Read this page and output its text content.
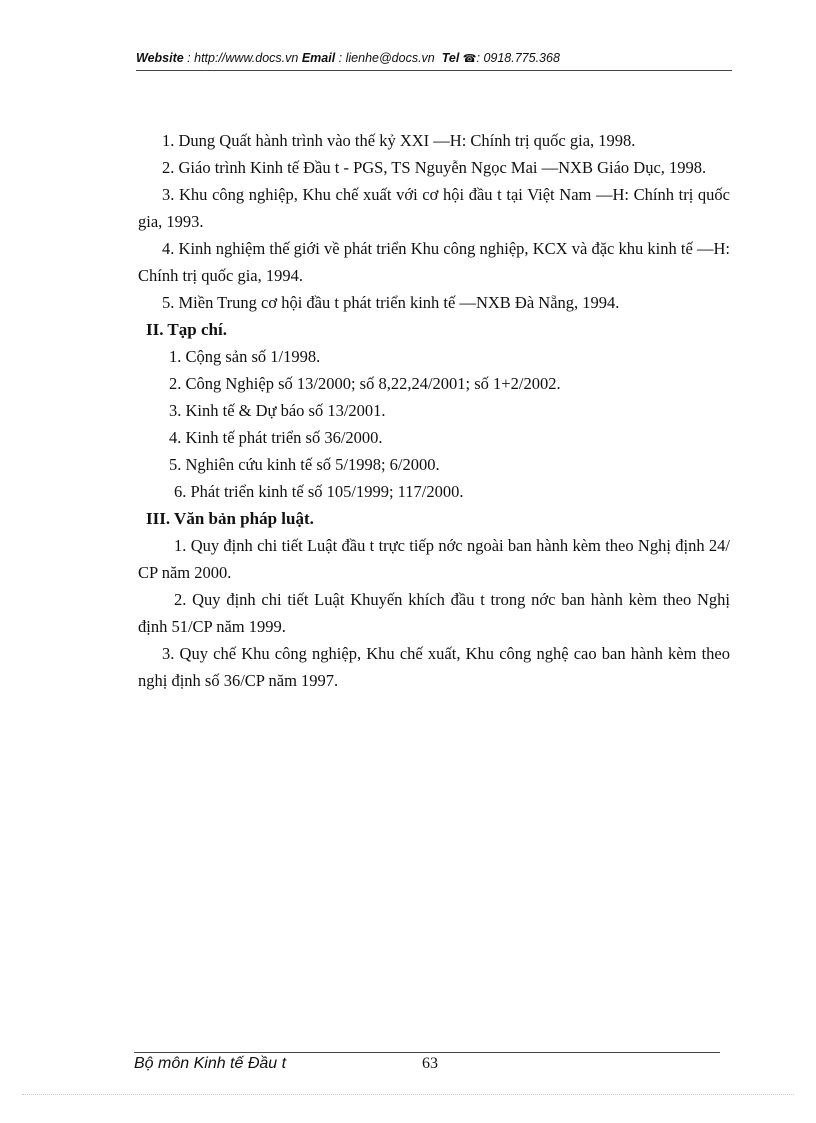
Website : http://www.docs.vn Email : lienhe@docs.vn Tel ☎: 0918.775.368

1. Dung Quất hành trình vào thế kỷ XXI —H: Chính trị quốc gia, 1998.

2. Giáo trình Kinh tế Đầu t - PGS, TS Nguyễn Ngọc Mai —NXB Giáo Dục, 1998.

3. Khu công nghiệp, Khu chế xuất với cơ hội đầu t tại Việt Nam —H: Chính trị quốc gia, 1993.

4. Kinh nghiệm thế giới về phát triển Khu công nghiệp, KCX và đặc khu kinh tế —H: Chính trị quốc gia, 1994.

5. Miền Trung cơ hội đầu t phát triển kinh tế —NXB Đà Nẵng, 1994.

II. Tạp chí.

1. Cộng sản số 1/1998.

2. Công Nghiệp số 13/2000; số 8,22,24/2001; số 1+2/2002.

3. Kinh tế & Dự báo số 13/2001.

4. Kinh tế phát triển số 36/2000.

5. Nghiên cứu kinh tế số 5/1998; 6/2000.

6. Phát triển kinh tế số 105/1999; 117/2000.

III. Văn bản pháp luật.

1. Quy định chi tiết Luật đầu t trực tiếp nớc ngoài ban hành kèm theo Nghị định 24/ CP năm 2000.

2. Quy định chi tiết Luật Khuyến khích đầu t trong nớc ban hành kèm theo Nghị định 51/CP năm 1999.

3. Quy chế Khu công nghiệp, Khu chế xuất, Khu công nghệ cao ban hành kèm theo nghị định số 36/CP năm 1997.

Bộ môn Kinh tế Đầu t	63
